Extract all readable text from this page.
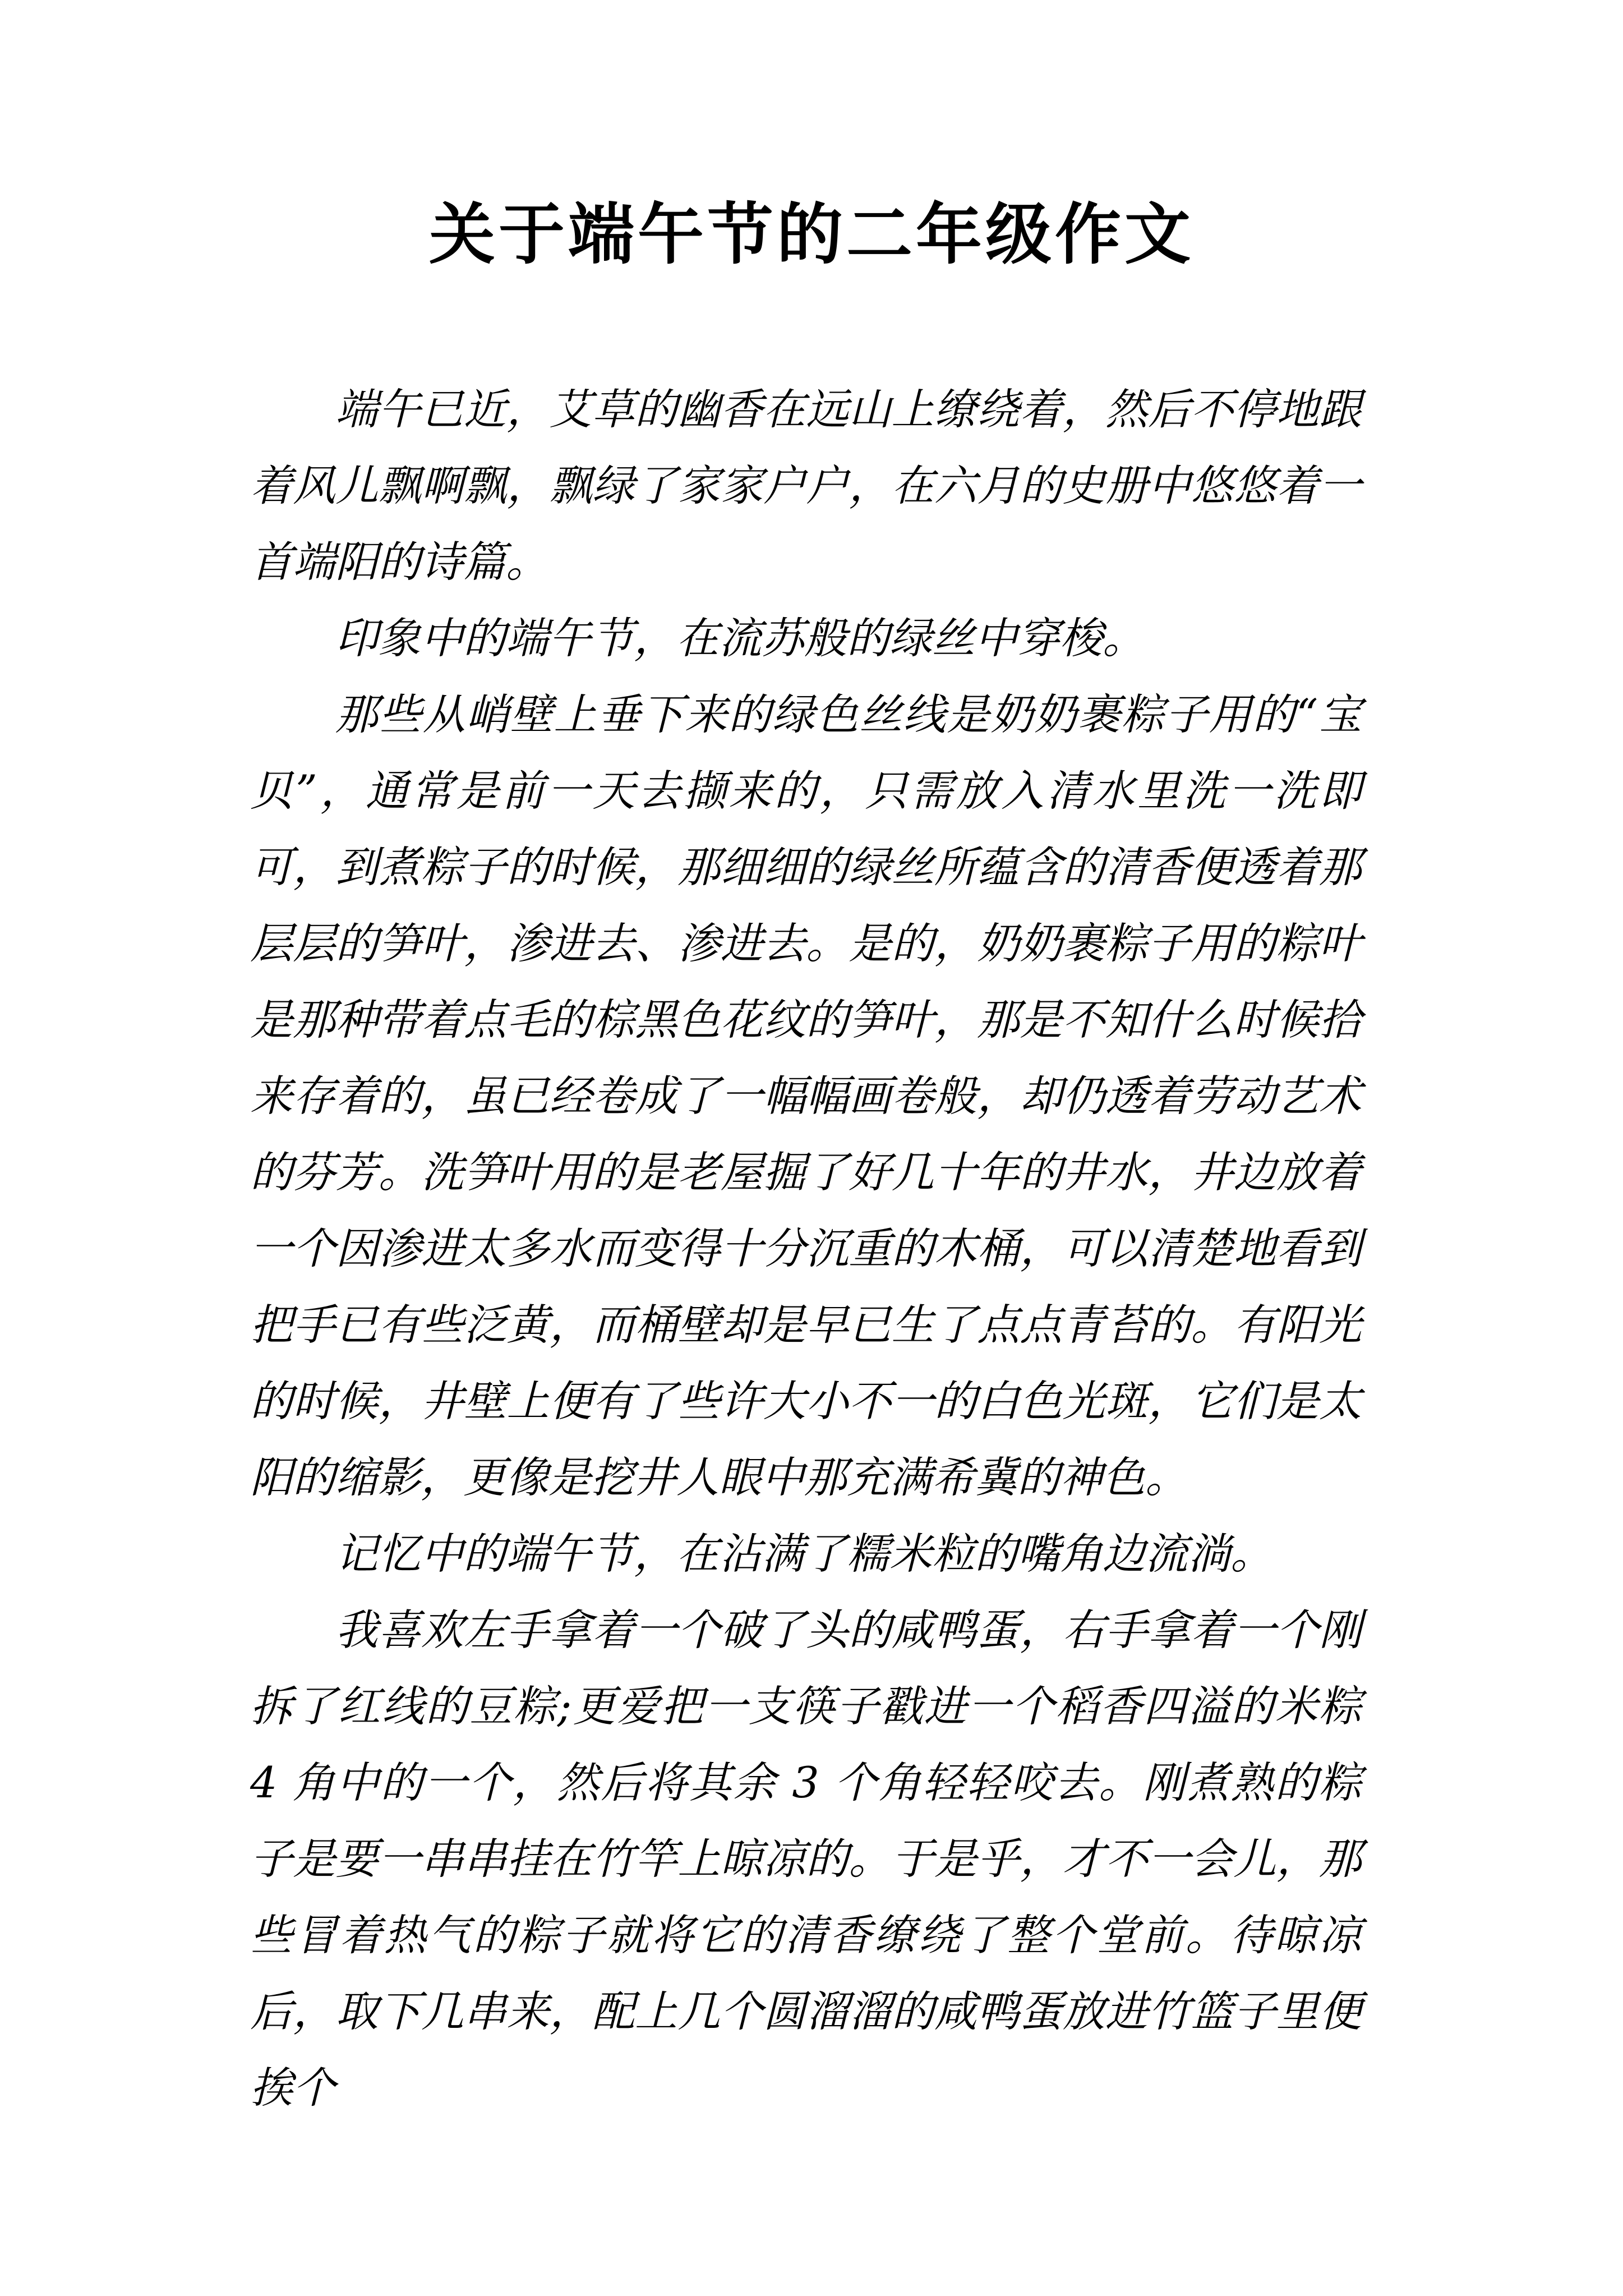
关于端午节的二年级作文

端午已近，艾草的幽香在远山上缭绕着，然后不停地跟着风儿飘啊飘，飘绿了家家户户，在六月的史册中悠悠着一首端阳的诗篇。

印象中的端午节，在流苏般的绿丝中穿梭。

那些从峭壁上垂下来的绿色丝线是奶奶裹粽子用的“宝贝”，通常是前一天去撷来的，只需放入清水里洗一洗即可，到煮粽子的时候，那细细的绿丝所蕴含的清香便透着那层层的笋叶，渗进去、渗进去。是的，奶奶裹粽子用的粽叶是那种带着点毛的棕黑色花纹的笋叶，那是不知什么时候拾来存着的，虽已经卷成了一幅幅画卷般，却仍透着劳动艺术的芬芳。洗笋叶用的是老屋掘了好几十年的井水，井边放着一个因渗进太多水而变得十分沉重的木桶，可以清楚地看到把手已有些泛黄，而桶壁却是早已生了点点青苔的。有阳光的时候，井壁上便有了些许大小不一的白色光斑，它们是太阳的缩影，更像是挖井人眼中那充满希冀的神色。

记忆中的端午节，在沾满了糯米粒的嘴角边流淌。

我喜欢左手拿着一个破了头的咸鸭蛋，右手拿着一个刚拆了红线的豆粽;更爱把一支筷子戳进一个稻香四溢的米粽 4 角中的一个，然后将其余 3 个角轻轻咬去。刚煮熟的粽子是要一串串挂在竹竿上晾凉的。于是乎，才不一会儿，那些冒着热气的粽子就将它的清香缭绕了整个堂前。待晾凉后，取下几串来，配上几个圆溜溜的咸鸭蛋放进竹篮子里便挨个
